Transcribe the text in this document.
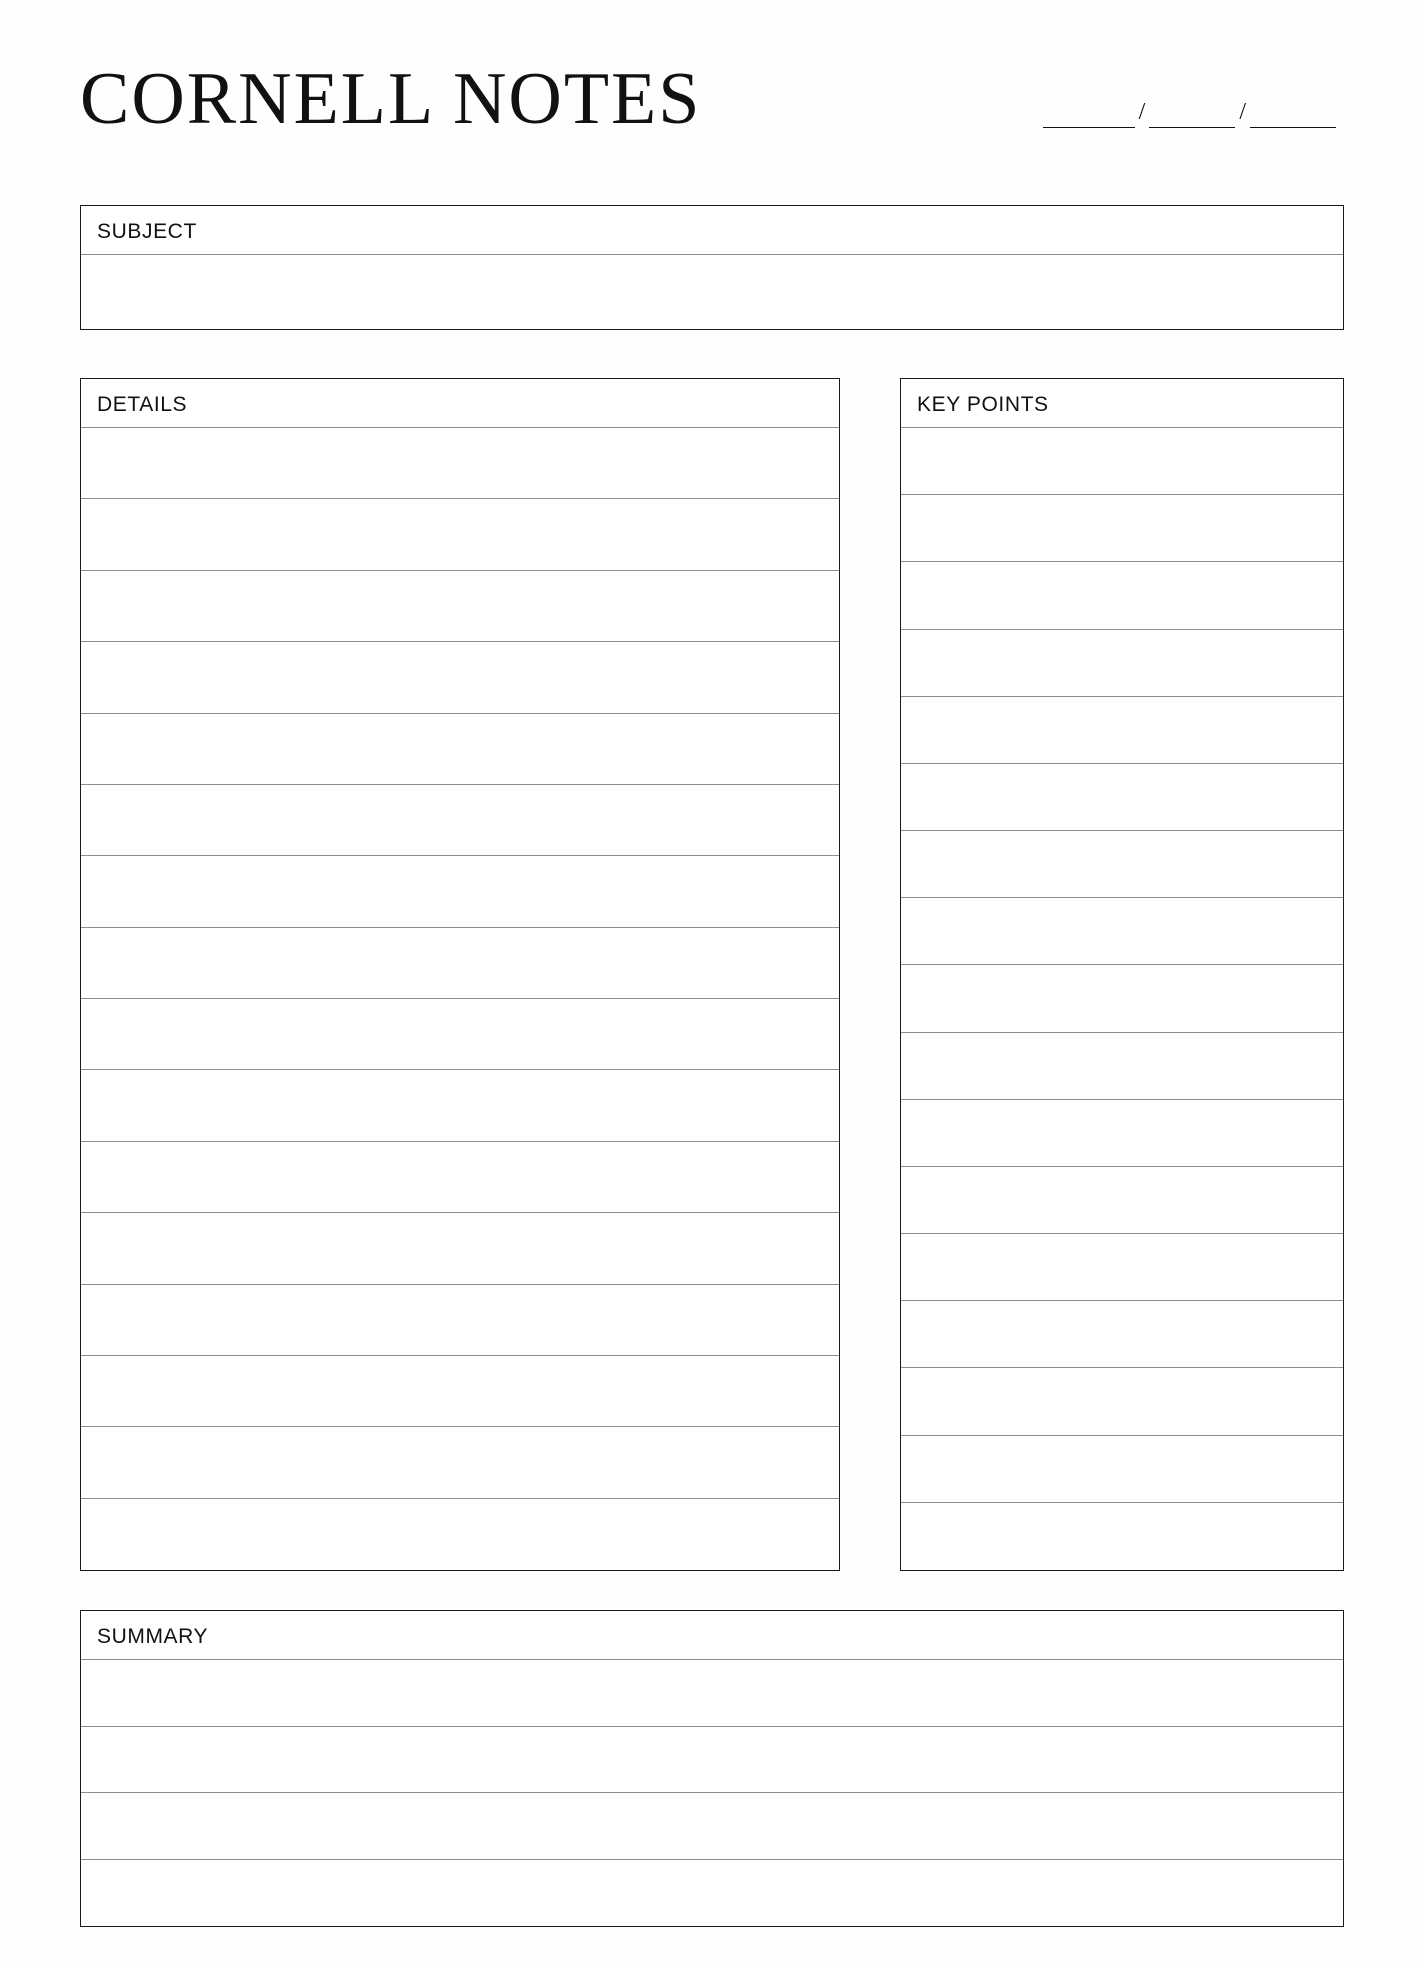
CORNELL NOTES	/	/
SUBJECT
DETAILS	KEY POINTS
SUMMARY
